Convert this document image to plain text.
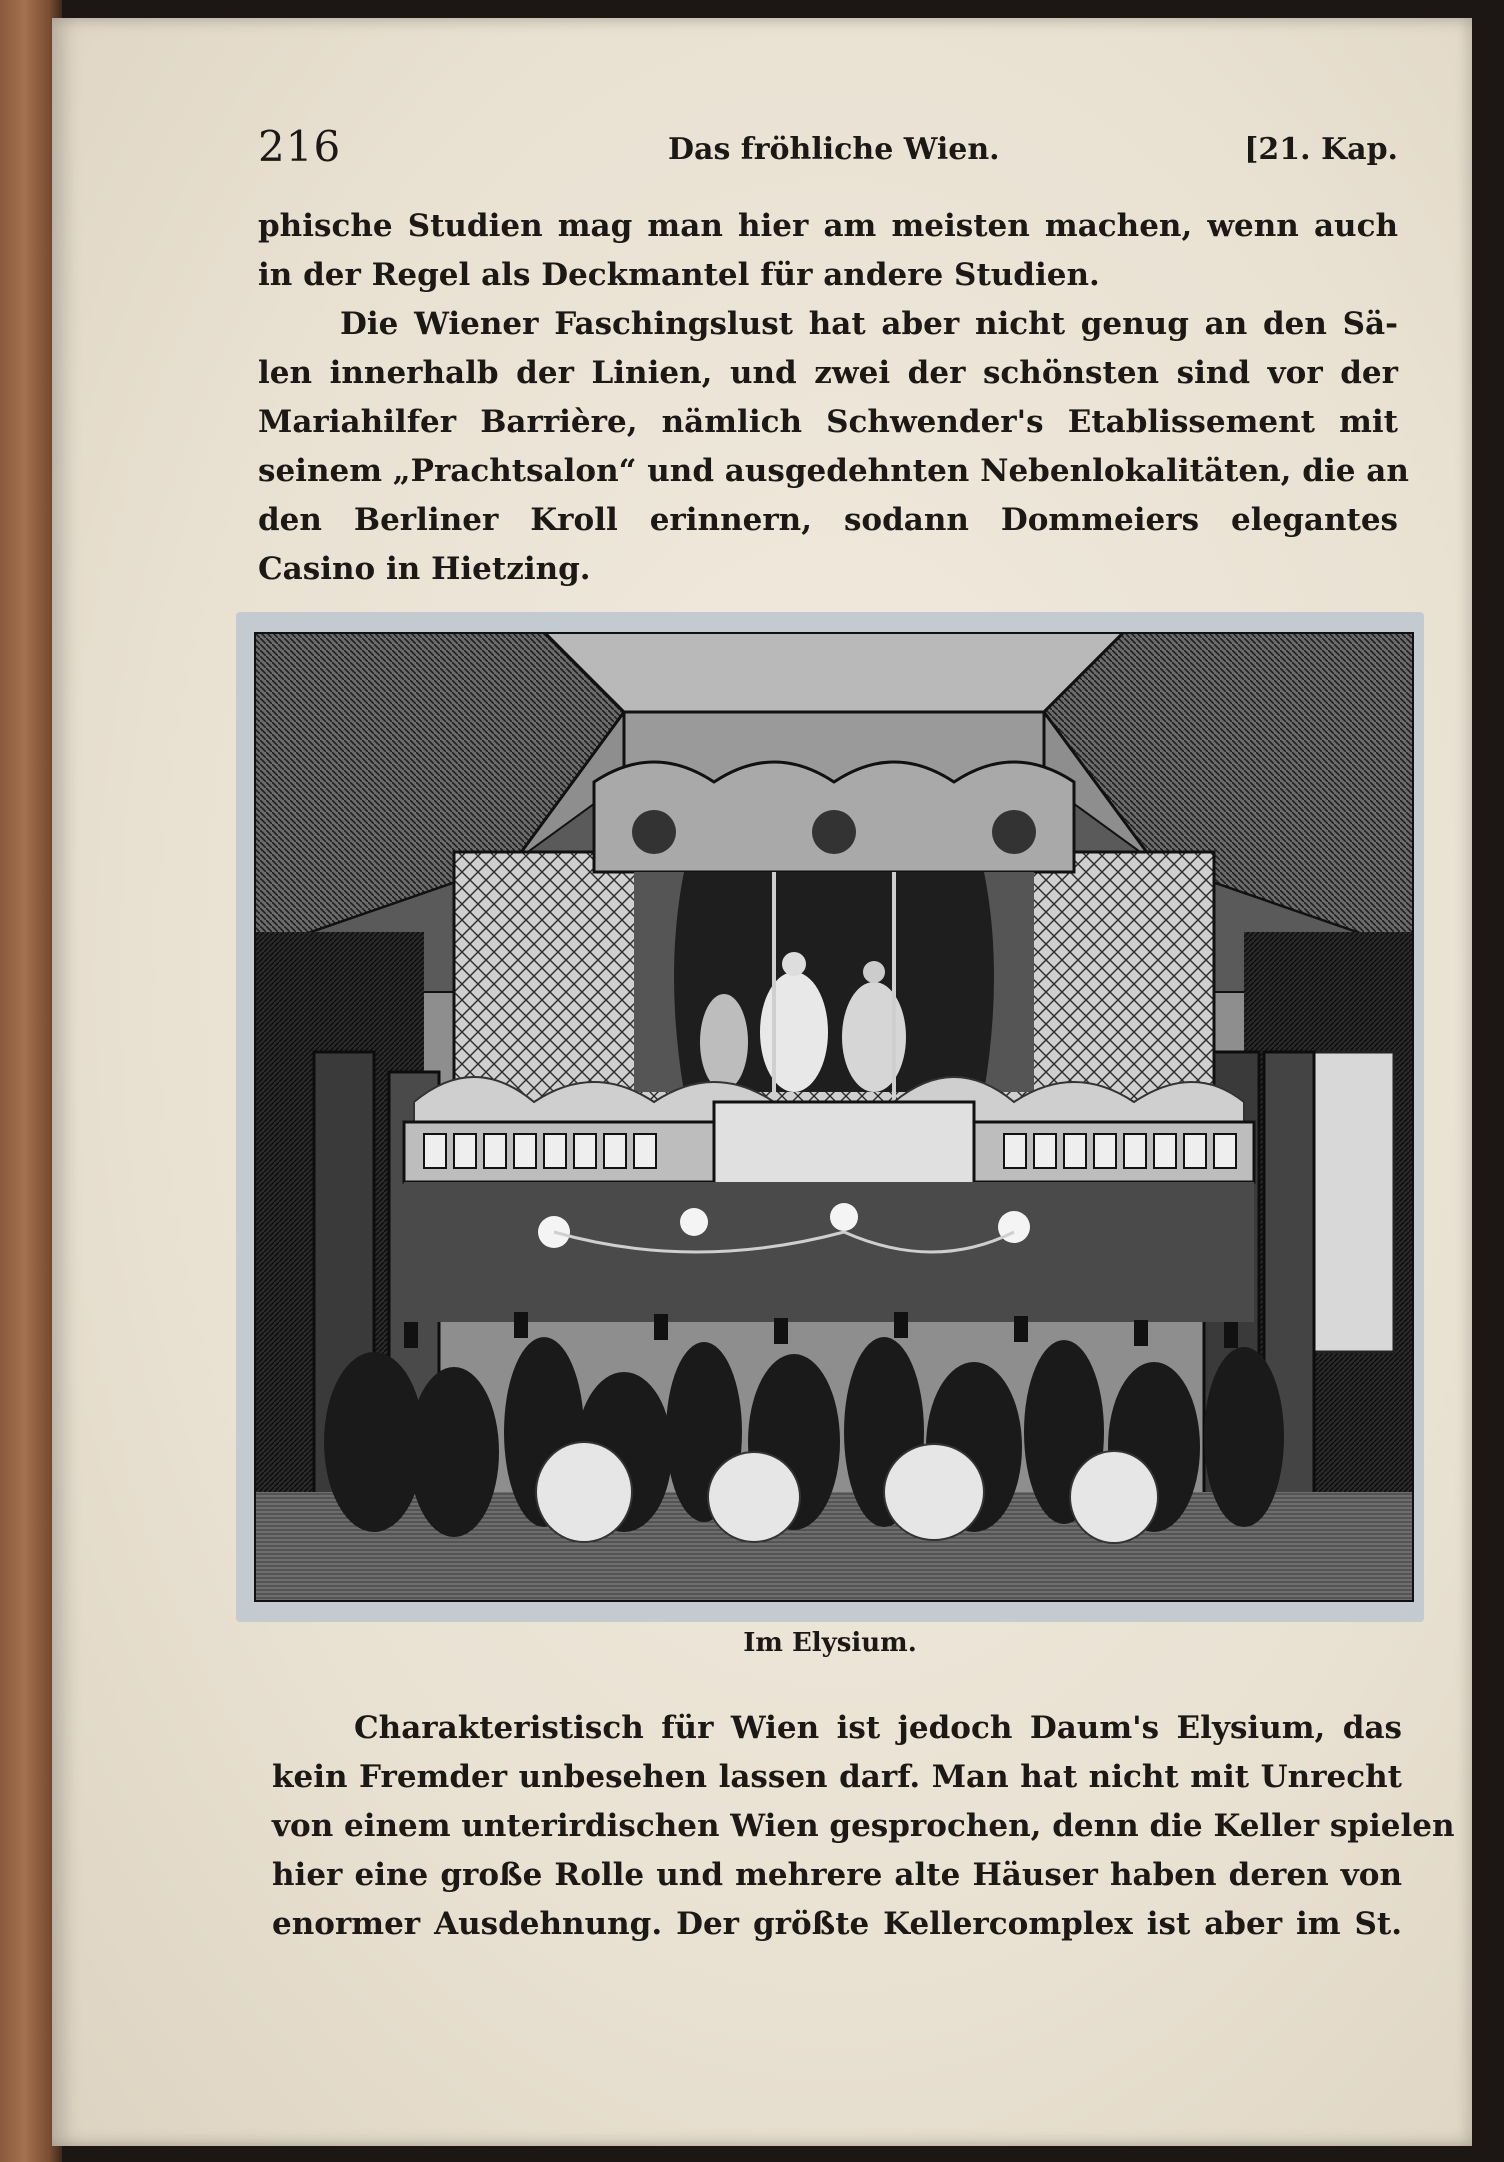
216	Das fröhliche Wien.	[21. Kap.
phische Studien mag man hier am meisten machen, wenn auch
in der Regel als Deckmantel für andere Studien.
Die Wiener Faschingslust hat aber nicht genug an den Sä-
len innerhalb der Linien, und zwei der schönsten sind vor der
Mariahilfer Barrière, nämlich Schwender's Etablissement mit
seinem „Prachtsalon“ und ausgedehnten Nebenlokalitäten, die an
den Berliner Kroll erinnern, sodann Dommeiers elegantes
Casino in Hietzing.
Im Elysium.
Charakteristisch für Wien ist jedoch Daum's Elysium, das
kein Fremder unbesehen lassen darf. Man hat nicht mit Unrecht
von einem unterirdischen Wien gesprochen, denn die Keller spielen
hier eine große Rolle und mehrere alte Häuser haben deren von
enormer Ausdehnung. Der größte Kellercomplex ist aber im St.
